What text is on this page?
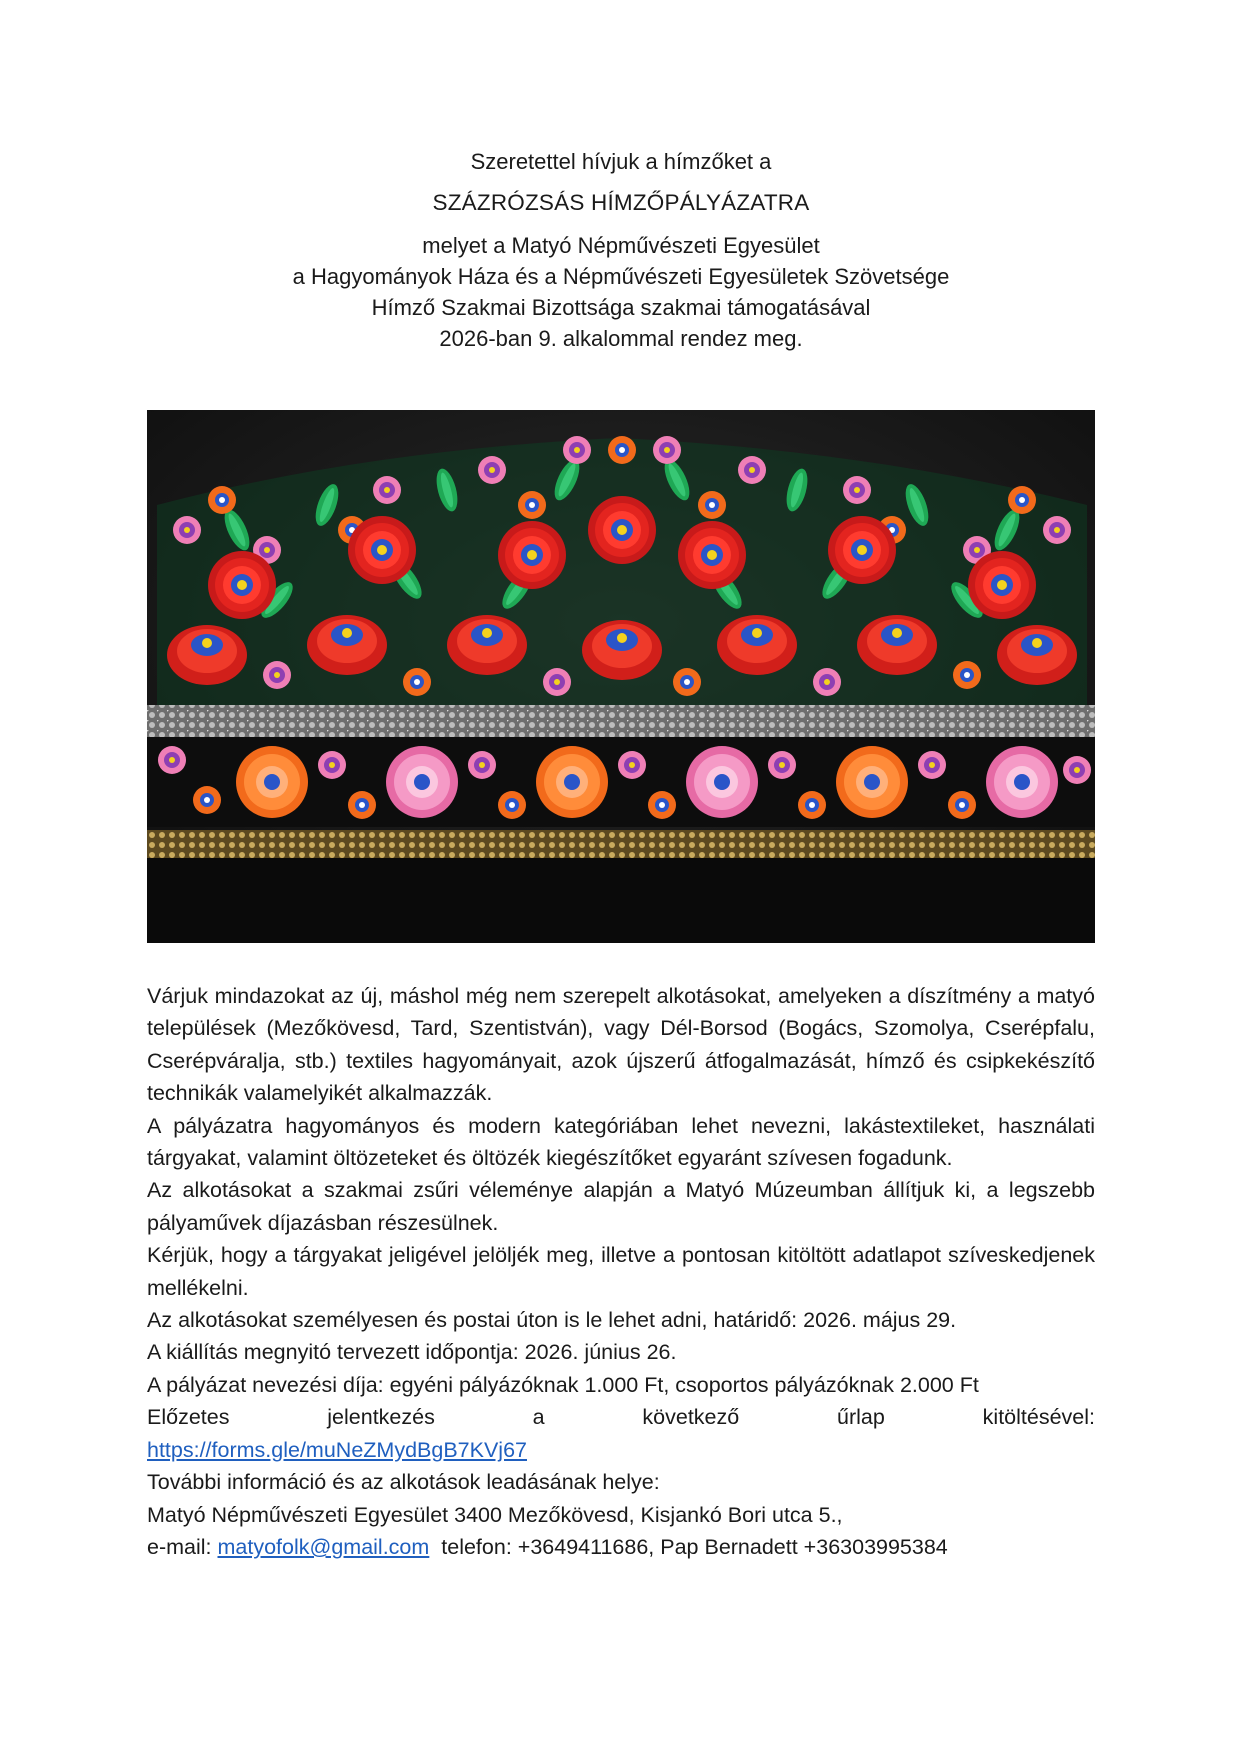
Szeretettel hívjuk a hímzőket a

SZÁZRÓZSÁS HÍMZŐPÁLYÁZATRA

melyet a Matyó Népművészeti Egyesület

a Hagyományok Háza és a Népművészeti Egyesületek Szövetsége

Hímző Szakmai Bizottsága szakmai támogatásával

2026-ban 9. alkalommal rendez meg.

Várjuk mindazokat az új, máshol még nem szerepelt alkotásokat, amelyeken a díszítmény a matyó települések (Mezőkövesd, Tard, Szentistván), vagy Dél-Borsod (Bogács, Szomolya, Cserépfalu, Cserépváralja, stb.) textiles hagyományait, azok újszerű átfogalmazását, hímző és csipkekészítő technikák valamelyikét alkalmazzák.

A pályázatra hagyományos és modern kategóriában lehet nevezni, lakástextileket, használati tárgyakat, valamint öltözeteket és öltözék kiegészítőket egyaránt szívesen fogadunk.

Az alkotásokat a szakmai zsűri véleménye alapján a Matyó Múzeumban állítjuk ki, a legszebb pályaművek díjazásban részesülnek.

Kérjük, hogy a tárgyakat jeligével jelöljék meg, illetve a pontosan kitöltött adatlapot szíveskedjenek mellékelni.

Az alkotásokat személyesen és postai úton is le lehet adni, határidő: 2026. május 29.

A kiállítás megnyitó tervezett időpontja: 2026. június 26.

A pályázat nevezési díja: egyéni pályázóknak 1.000 Ft, csoportos pályázóknak 2.000 Ft

Előzetes jelentkezés a következő űrlap kitöltésével:

https://forms.gle/muNeZMydBgB7KVj67

További információ és az alkotások leadásának helye:

Matyó Népművészeti Egyesület 3400 Mezőkövesd, Kisjankó Bori utca 5.,

e-mail: matyofolk@gmail.com telefon: +3649411686, Pap Bernadett +36303995384
